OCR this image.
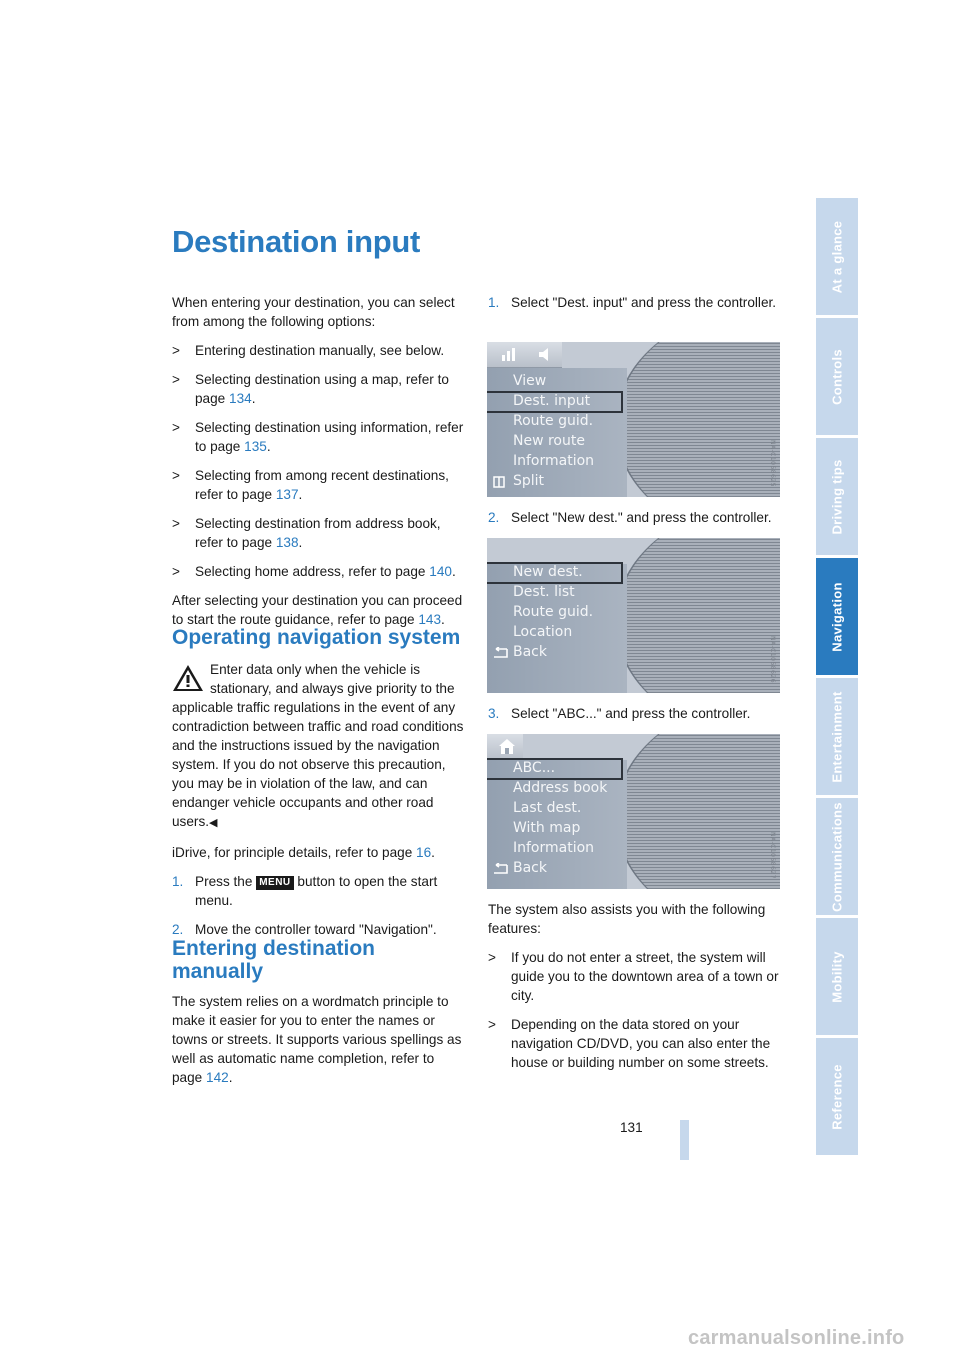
Destination input

When entering your destination, you can select from among the following options:

> Entering destination manually, see below.
> Selecting destination using a map, refer to page 134.
> Selecting destination using information, refer to page 135.
> Selecting from among recent destinations, refer to page 137.
> Selecting destination from address book, refer to page 138.
> Selecting home address, refer to page 140.

After selecting your destination you can proceed to start the route guidance, refer to page 143.

Operating navigation system
Enter data only when the vehicle is stationary, and always give priority to the applicable traffic regulations in the event of any contradiction between traffic and road conditions and the instructions issued by the navigation system. If you do not observe this precaution, you may be in violation of the law, and can endanger vehicle occupants and other road users.◀

iDrive, for principle details, refer to page 16.

1. Press the MENU button to open the start menu.
2. Move the controller toward "Navigation".
Entering destination
manually

The system relies on a wordmatch principle to make it easier for you to enter the names or towns or streets. It supports various spellings as well as automatic name completion, refer to page 142.

1. Select "Dest. input" and press the controller.
View
Dest. input
Route guid.
New route
Information
Split	NA-C1058625
2. Select "New dest." and press the controller.
New dest.
Dest. list
Route guid.
Location
Back	NA-C1058626
3. Select "ABC..." and press the controller.
ABC...
Address book
Last dest.
With map
Information
Back	NA-C1058627

The system also assists you with the following features:

> If you do not enter a street, the system will guide you to the downtown area of a town or city.
> Depending on the data stored on your navigation CD/DVD, you can also enter the house or building number on some streets.
At a glance
Controls
Driving tips
Navigation
Entertainment
Communications
Mobility
Reference
131
carmanualsonline.info
